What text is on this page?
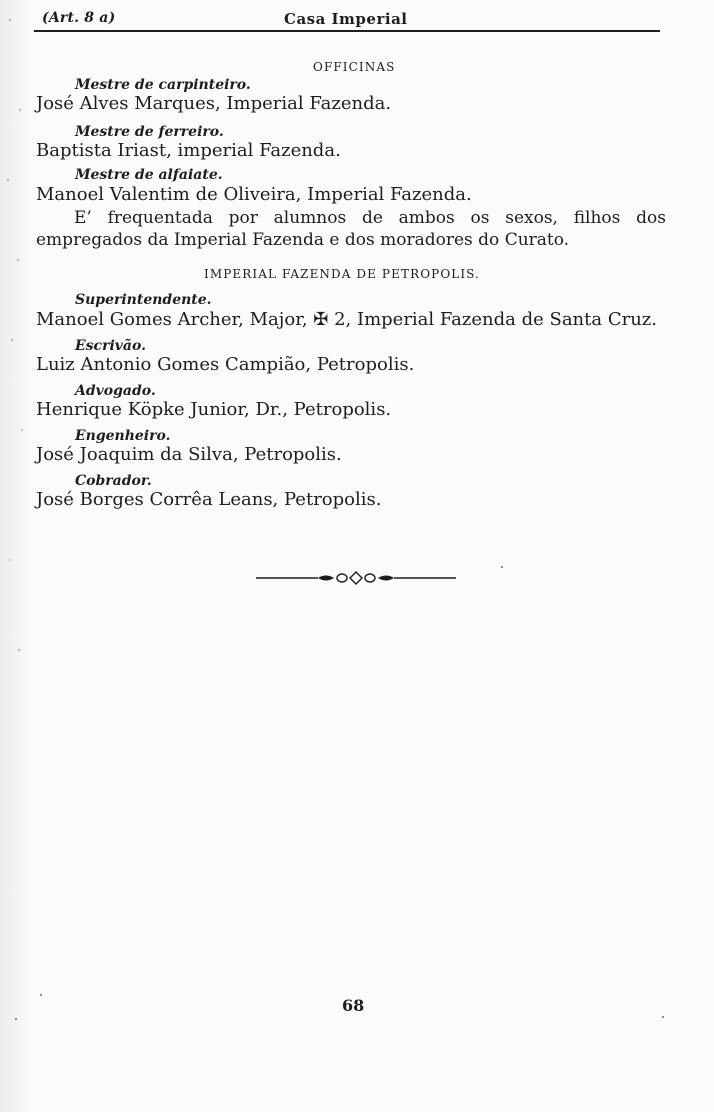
(Art. 8 a)	Casa Imperial
OFFICINAS
Mestre de carpinteiro.
José Alves Marques, Imperial Fazenda.
Mestre de ferreiro.
Baptista Iriast, imperial Fazenda.
Mestre de alfaiate.
Manoel Valentim de Oliveira, Imperial Fazenda.
E’ frequentada por alumnos de ambos os sexos, filhos dos empregados da Imperial Fazenda e dos moradores do Curato.
IMPERIAL FAZENDA DE PETROPOLIS.
Superintendente.
Manoel Gomes Archer, Major, ✠ 2, Imperial Fazenda de Santa Cruz.
Escrivão.
Luiz Antonio Gomes Campião, Petropolis.
Advogado.
Henrique Köpke Junior, Dr., Petropolis.
Engenheiro.
José Joaquim da Silva, Petropolis.
Cobrador.
José Borges Corrêa Leans, Petropolis.
68
